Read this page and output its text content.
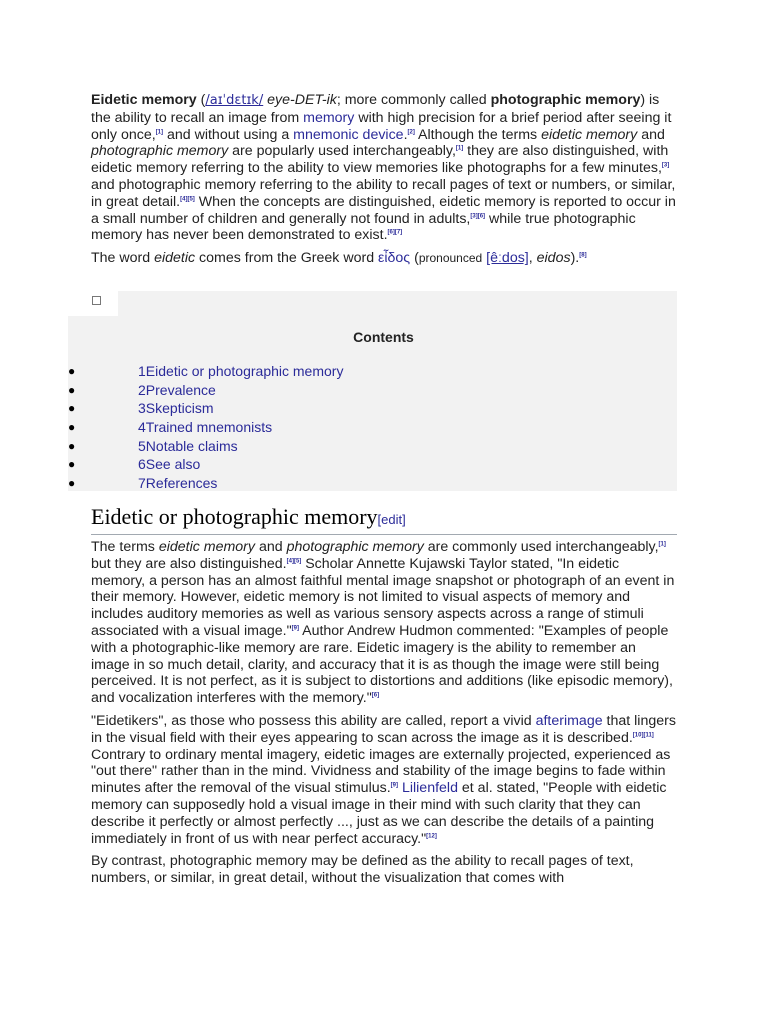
Eidetic memory (/aɪˈdɛtɪk/ eye-DET-ik; more commonly called photographic memory) is the ability to recall an image from memory with high precision for a brief period after seeing it only once,[1] and without using a mnemonic device.[2] Although the terms eidetic memory and photographic memory are popularly used interchangeably,[1] they are also distinguished, with eidetic memory referring to the ability to view memories like photographs for a few minutes,[3] and photographic memory referring to the ability to recall pages of text or numbers, or similar, in great detail.[4][5] When the concepts are distinguished, eidetic memory is reported to occur in a small number of children and generally not found in adults,[3][6] while true photographic memory has never been demonstrated to exist.[6][7]

The word eidetic comes from the Greek word εἶδος (pronounced [êːdos], eidos).[8]

Contents
●	1Eidetic or photographic memory
●	2Prevalence
●	3Skepticism
●	4Trained mnemonists
●	5Notable claims
●	6See also
●	7References
Eidetic or photographic memory[edit]

The terms eidetic memory and photographic memory are commonly used interchangeably,[1] but they are also distinguished.[4][5] Scholar Annette Kujawski Taylor stated, "In eidetic memory, a person has an almost faithful mental image snapshot or photograph of an event in their memory. However, eidetic memory is not limited to visual aspects of memory and includes auditory memories as well as various sensory aspects across a range of stimuli associated with a visual image."[9] Author Andrew Hudmon commented: "Examples of people with a photographic-like memory are rare. Eidetic imagery is the ability to remember an image in so much detail, clarity, and accuracy that it is as though the image were still being perceived. It is not perfect, as it is subject to distortions and additions (like episodic memory), and vocalization interferes with the memory."[6]

"Eidetikers", as those who possess this ability are called, report a vivid afterimage that lingers in the visual field with their eyes appearing to scan across the image as it is described.[10][11] Contrary to ordinary mental imagery, eidetic images are externally projected, experienced as "out there" rather than in the mind. Vividness and stability of the image begins to fade within minutes after the removal of the visual stimulus.[9] Lilienfeld et al. stated, "People with eidetic memory can supposedly hold a visual image in their mind with such clarity that they can describe it perfectly or almost perfectly ..., just as we can describe the details of a painting immediately in front of us with near perfect accuracy."[12]

By contrast, photographic memory may be defined as the ability to recall pages of text, numbers, or similar, in great detail, without the visualization that comes with
